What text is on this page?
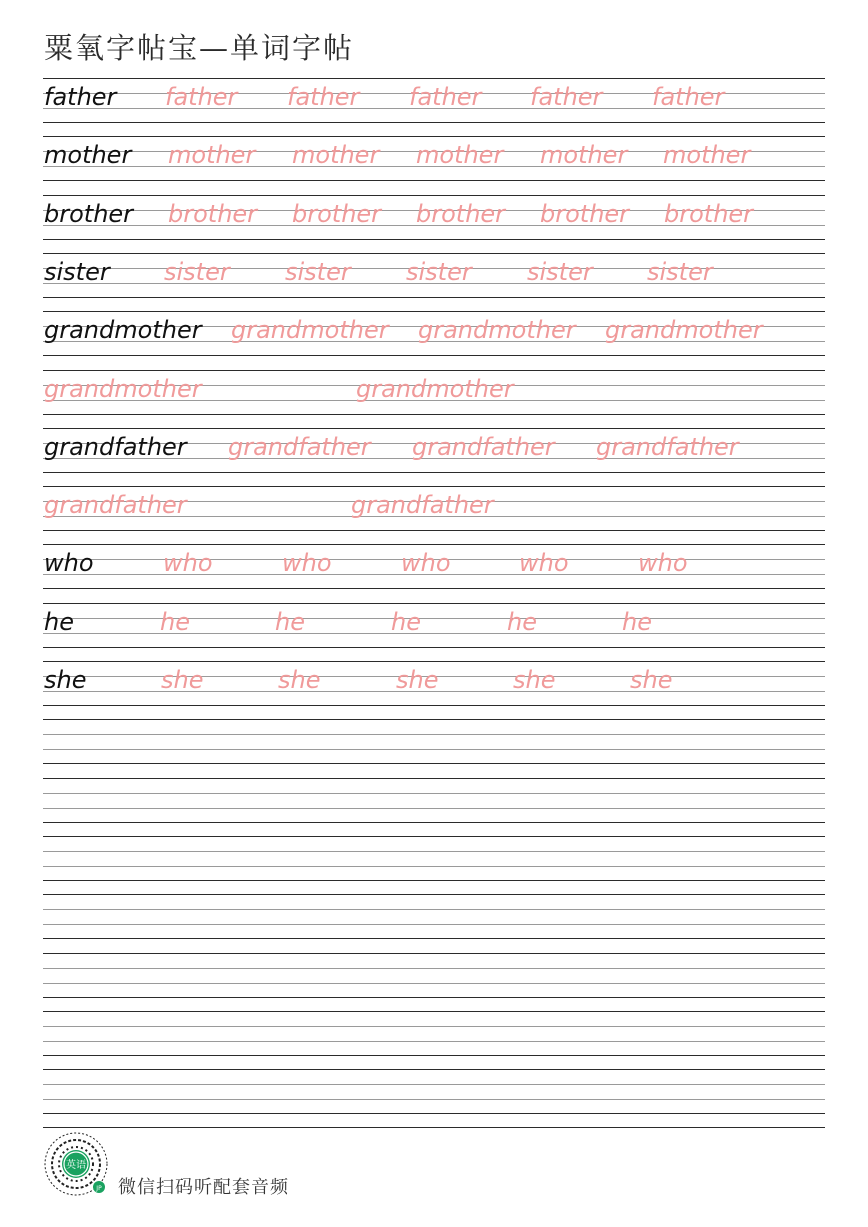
粟氧字帖宝—单词字帖
father father father father father father
mother mother mother mother mother mother
brother brother brother brother brother brother
sister sister sister sister sister sister
grandmother grandmother grandmother grandmother
grandmother	grandmother
grandfather grandfather grandfather grandfather
grandfather	grandfather
who	who	who	who	who	who
he	he	he	he	he	he
she	she	she	she	she	she
英语
JP 微信扫码听配套音频
